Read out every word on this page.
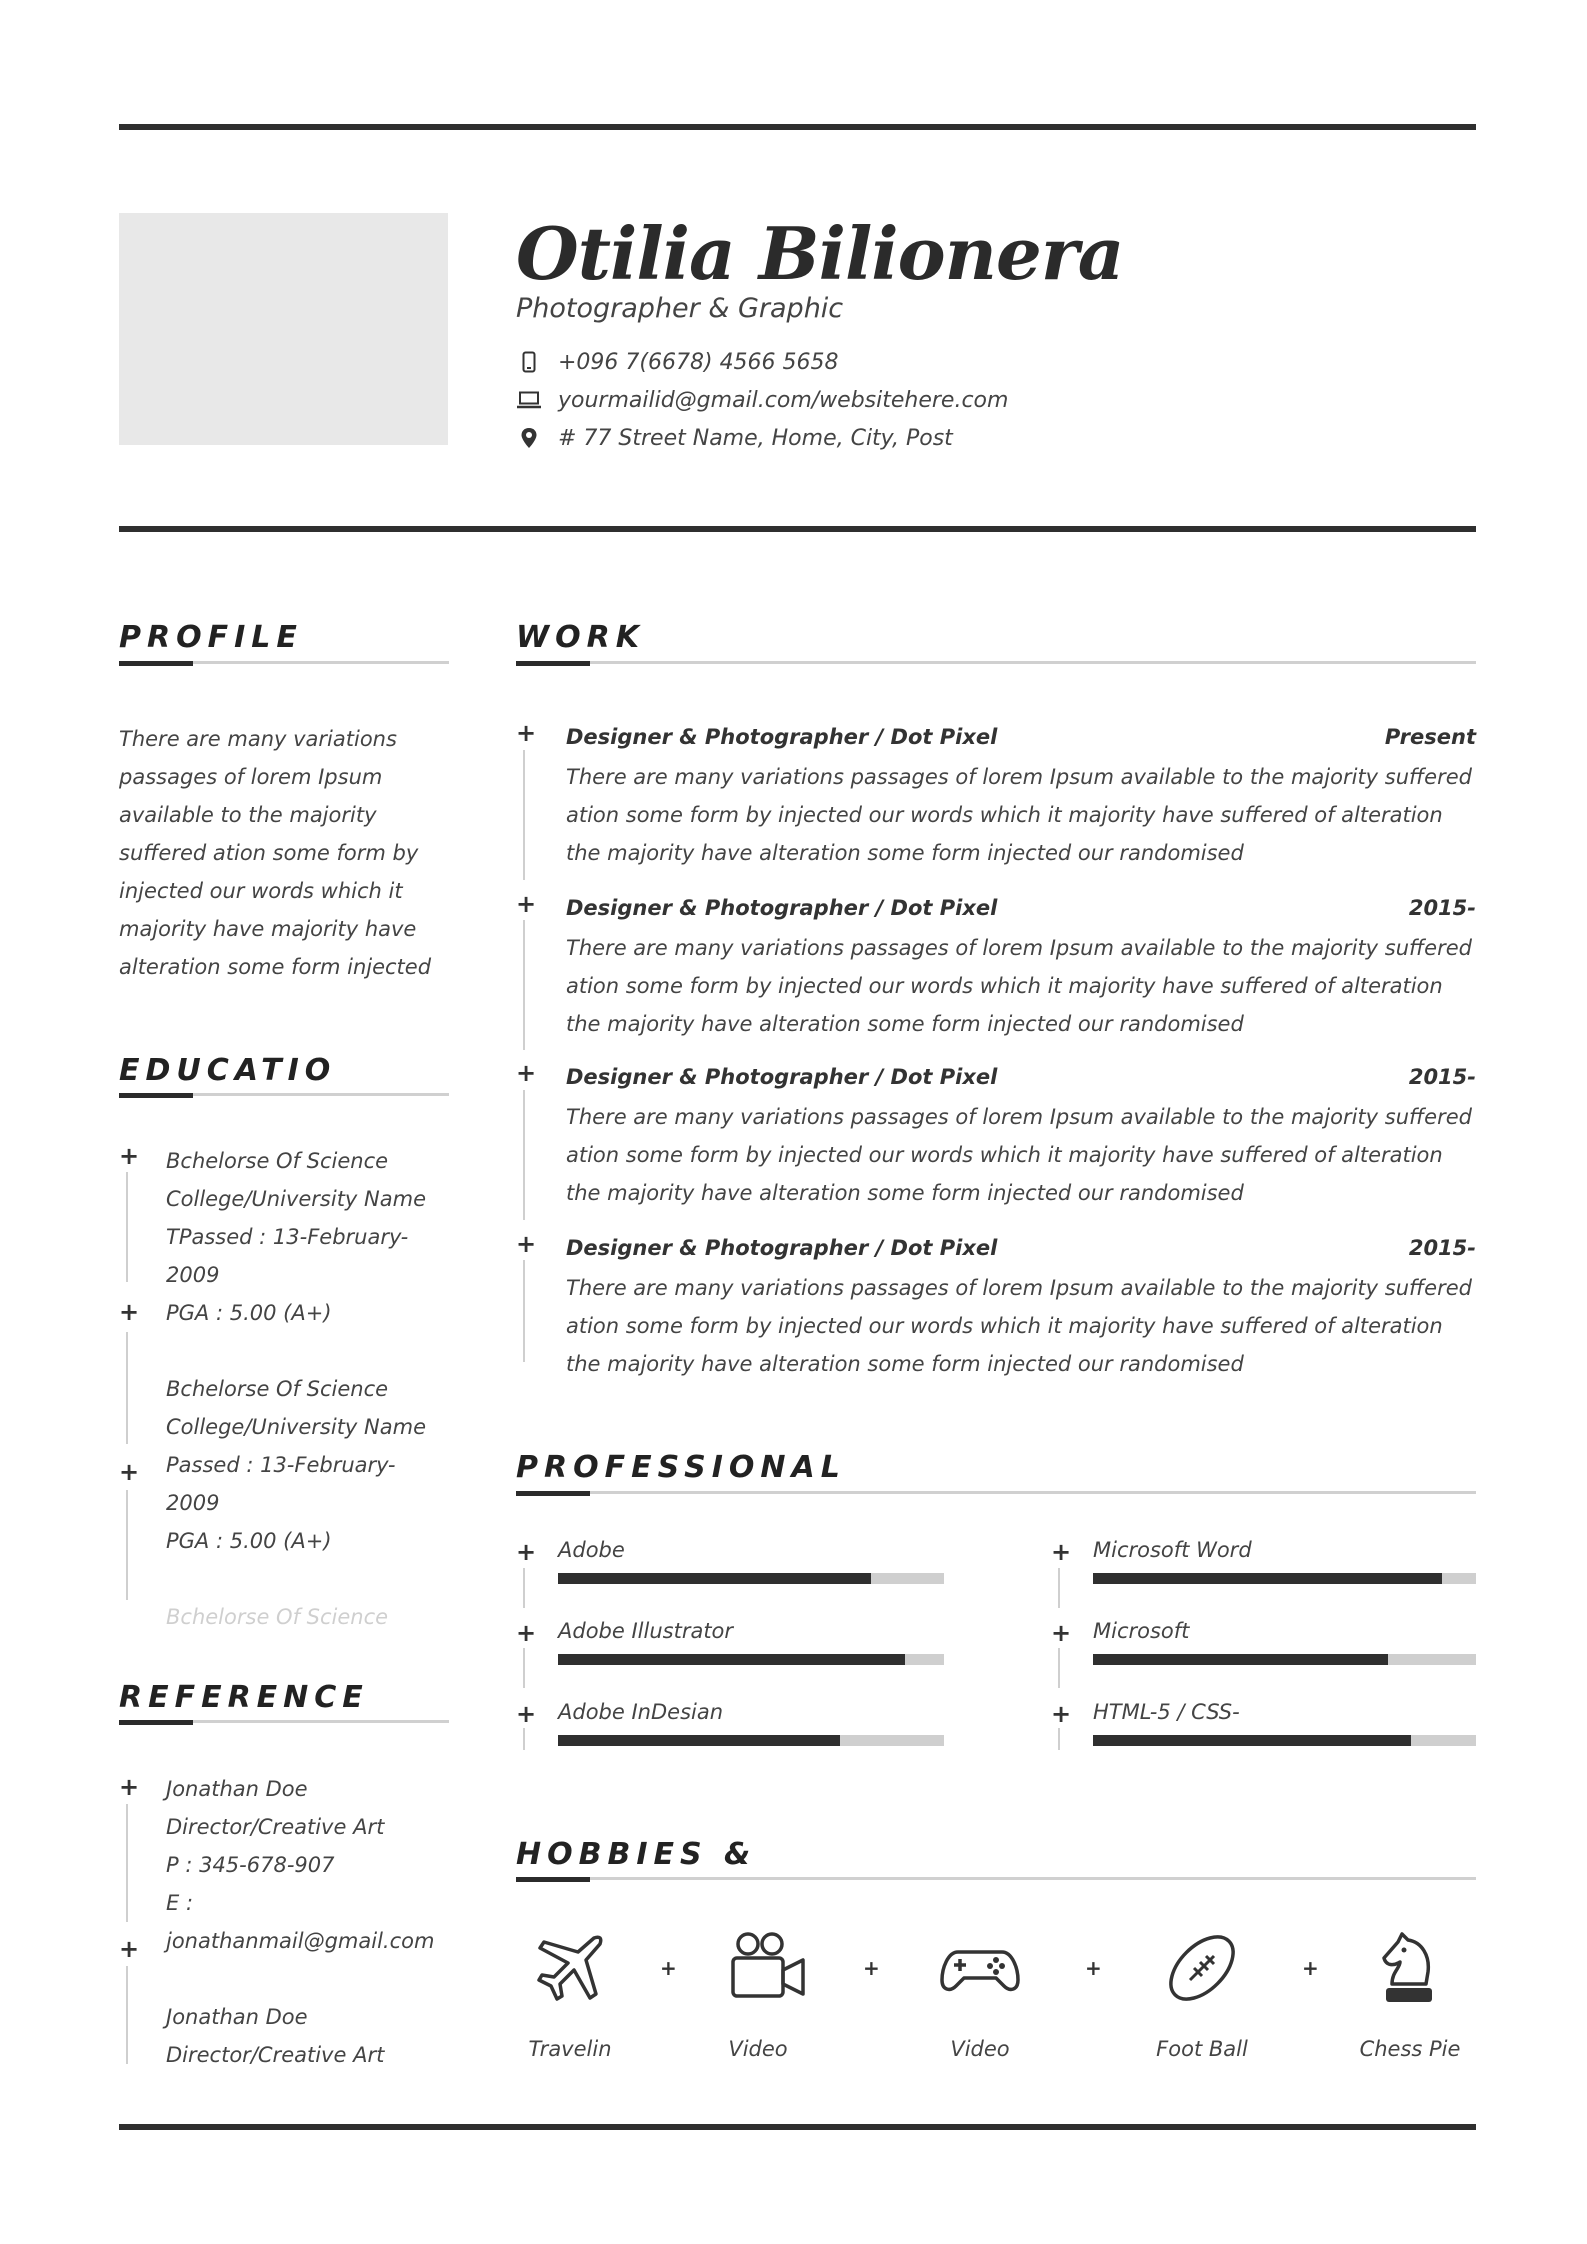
Otilia Bilionera
Photographer & Graphic
+096 7(6678) 4566 5658
yourmailid@gmail.com/websitehere.com
# 77 Street Name, Home, City, Post
PROFILE
There are many variations
passages of lorem Ipsum
available to the majority
suffered ation some form by
injected our words which it
majority have majority have
alteration some form injected
EDUCATIO
+
+
+
Bchelorse Of Science
College/University Name
TPassed : 13-February-
2009
PGA : 5.00 (A+)
Bchelorse Of Science
College/University Name
Passed : 13-February-
2009
PGA : 5.00 (A+)
Bchelorse Of Science
REFERENCE
+
+
Jonathan Doe
Director/Creative Art
P : 345-678-907
E :
jonathanmail@gmail.com
Jonathan Doe
Director/Creative Art
WORK
+ Designer & Photographer / Dot Pixel	Present
There are many variations passages of lorem Ipsum available to the majority suffered ation some form by injected our words which it majority have suffered of alteration the majority have alteration some form injected our randomised
+ Designer & Photographer / Dot Pixel	2015-
There are many variations passages of lorem Ipsum available to the majority suffered ation some form by injected our words which it majority have suffered of alteration the majority have alteration some form injected our randomised
+ Designer & Photographer / Dot Pixel	2015-
There are many variations passages of lorem Ipsum available to the majority suffered ation some form by injected our words which it majority have suffered of alteration the majority have alteration some form injected our randomised
+ Designer & Photographer / Dot Pixel	2015-
There are many variations passages of lorem Ipsum available to the majority suffered ation some form by injected our words which it majority have suffered of alteration the majority have alteration some form injected our randomised
PROFESSIONAL
+ Adobe
+ Adobe Illustrator
+ Adobe InDesian
+ Microsoft Word
+ Microsoft
+ HTML-5 / CSS-
HOBBIES &
Travelin
+
Video
+
Video
+
Foot Ball
+
Chess Pie
